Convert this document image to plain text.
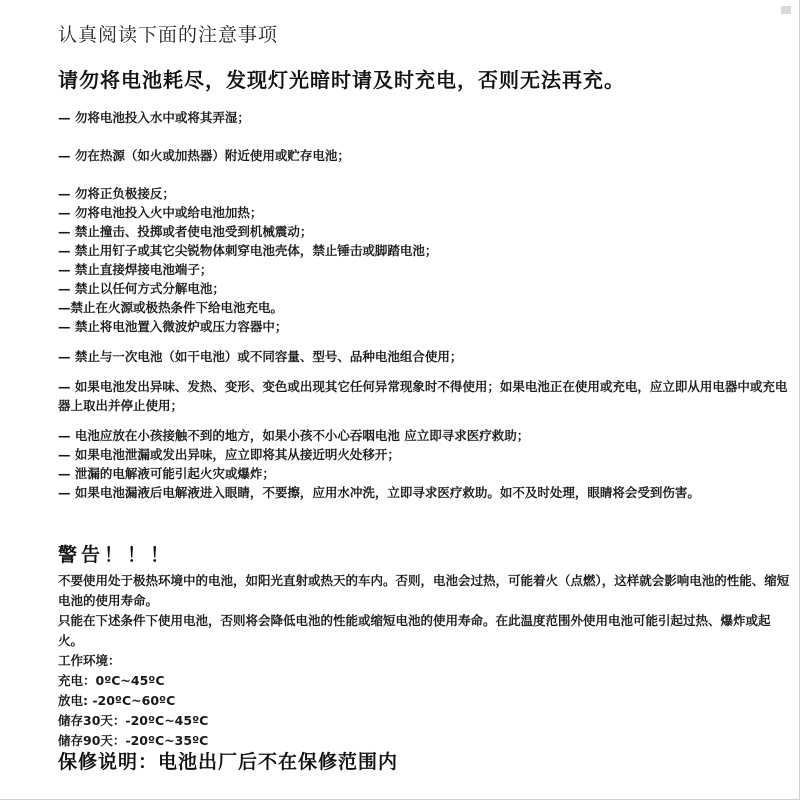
认真阅读下面的注意事项
请勿将电池耗尽，发现灯光暗时请及时充电，否则无法再充。
— 勿将电池投入水中或将其弄湿；
— 勿在热源（如火或加热器）附近使用或贮存电池；
— 勿将正负极接反；
— 勿将电池投入火中或给电池加热；
— 禁止撞击、投掷或者使电池受到机械震动；
— 禁止用钉子或其它尖锐物体刺穿电池壳体，禁止锤击或脚踏电池；
— 禁止直接焊接电池端子；
— 禁止以任何方式分解电池；
—禁止在火源或极热条件下给电池充电。
— 禁止将电池置入微波炉或压力容器中；
— 禁止与一次电池（如干电池）或不同容量、型号、品种电池组合使用；
— 如果电池发出异味、发热、变形、变色或出现其它任何异常现象时不得使用；如果电池正在使用或充电，应立即从用电器中或充电器上取出并停止使用；
— 电池应放在小孩接触不到的地方，如果小孩不小心吞咽电池 应立即寻求医疗救助；
— 如果电池泄漏或发出异味，应立即将其从接近明火处移开；
— 泄漏的电解液可能引起火灾或爆炸；
— 如果电池漏液后电解液进入眼睛，不要擦，应用水冲洗，立即寻求医疗救助。如不及时处理，眼睛将会受到伤害。
警告！！！
不要使用处于极热环境中的电池，如阳光直射或热天的车内。否则，电池会过热，可能着火（点燃），这样就会影响电池的性能、缩短电池的使用寿命。
只能在下述条件下使用电池，否则将会降低电池的性能或缩短电池的使用寿命。在此温度范围外使用电池可能引起过热、爆炸或起火。
工作环境：
充电：0ºC~45ºC
放电: -20ºC~60ºC
储存30天：-20ºC~45ºC
储存90天：-20ºC~35ºC
保修说明：电池出厂后不在保修范围内
